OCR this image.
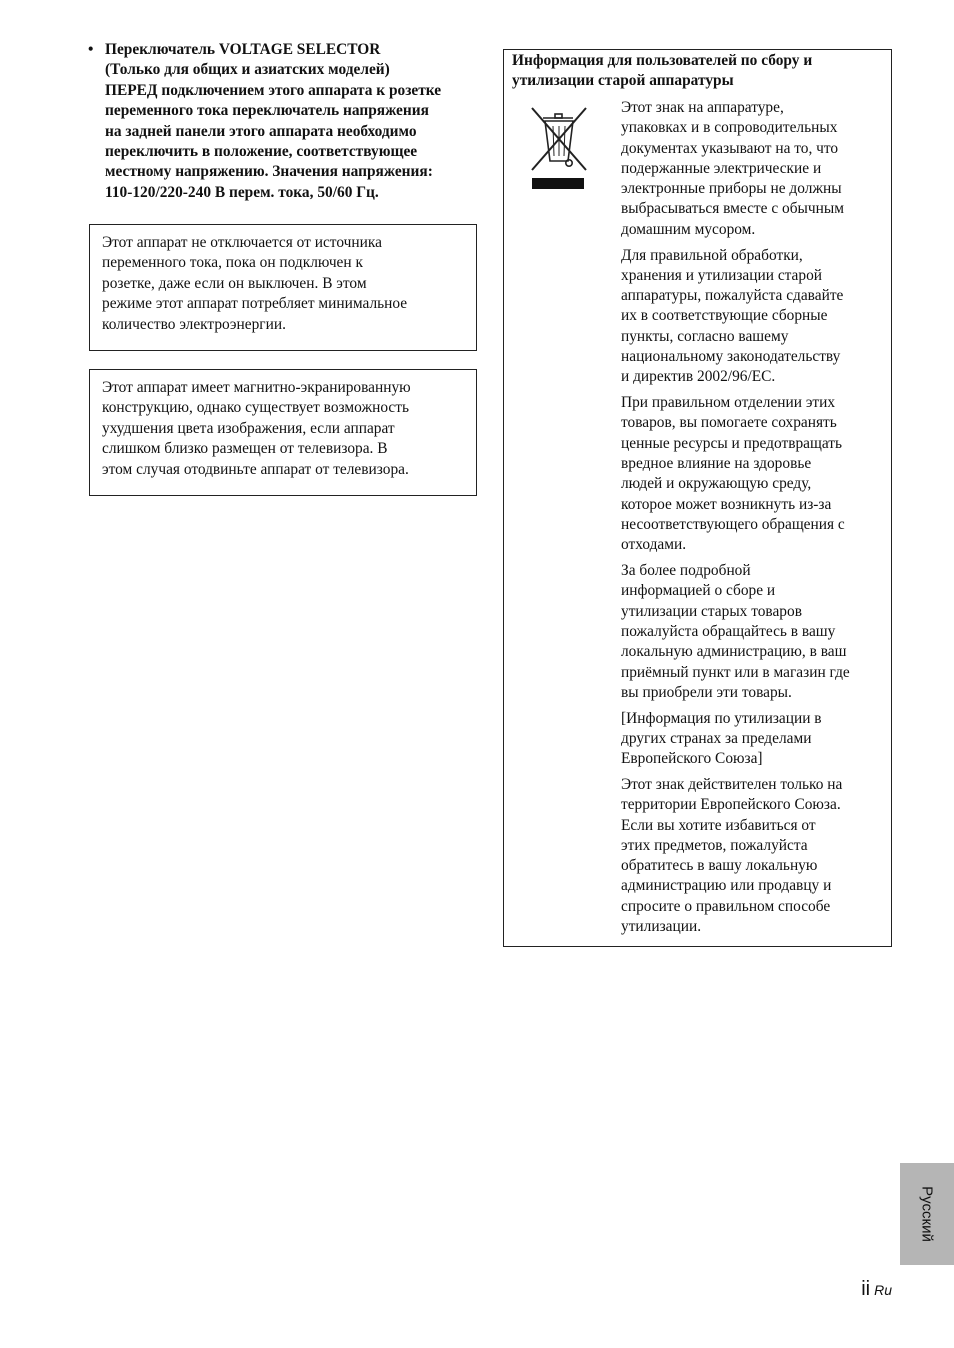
• Переключатель VOLTAGE SELECTOR
(Только для общих и азиатских моделей)
ПЕРЕД подключением этого аппарата к розетке
переменного тока переключатель напряжения
на задней панели этого аппарата необходимо
переключить в положение, соответствующее
местному напряжению. Значения напряжения:
110-120/220-240 В перем. тока, 50/60 Гц.
Этот аппарат не отключается от источника
переменного тока, пока он подключен к
розетке, даже если он выключен. В этом
режиме этот аппарат потребляет минимальное
количество электроэнергии.
Этот аппарат имеет магнитно-экранированную
конструкцию, однако существует возможность
ухудшения цвета изображения, если аппарат
слишком близко размещен от телевизора. В
этом случая отодвиньте аппарат от телевизора.
Информация для пользователей по сбору и
утилизации старой аппаратуры

Этот знак на аппаратуре,
упаковках и в сопроводительных
документах указывают на то, что
подержанные электрические и
электронные приборы не должны
выбрасываться вместе с обычным
домашним мусором.

Для правильной обработки,
хранения и утилизации старой
аппаратуры, пожалуйста сдавайте
их в соответствующие сборные
пункты, согласно вашему
национальному законодательству
и директив 2002/96/EC.

При правильном отделении этих
товаров, вы помогаете сохранять
ценные ресурсы и предотвращать
вредное влияние на здоровье
людей и окружающую среду,
которое может возникнуть из-за
несоответствующего обращения с
отходами.

За более подробной
информацией о сборе и
утилизации старых товаров
пожалуйста обращайтесь в вашу
локальную администрацию, в ваш
приёмный пункт или в магазин где
вы приобрели эти товары.

[Информация по утилизации в
других странах за пределами
Европейского Союза]

Этот знак действителен только на
территории Европейского Союза.
Если вы хотите избавиться от
этих предметов, пожалуйста
обратитесь в вашу локальную
администрацию или продавцу и
спросите о правильном способе
утилизации.

Русский
ii Ru
